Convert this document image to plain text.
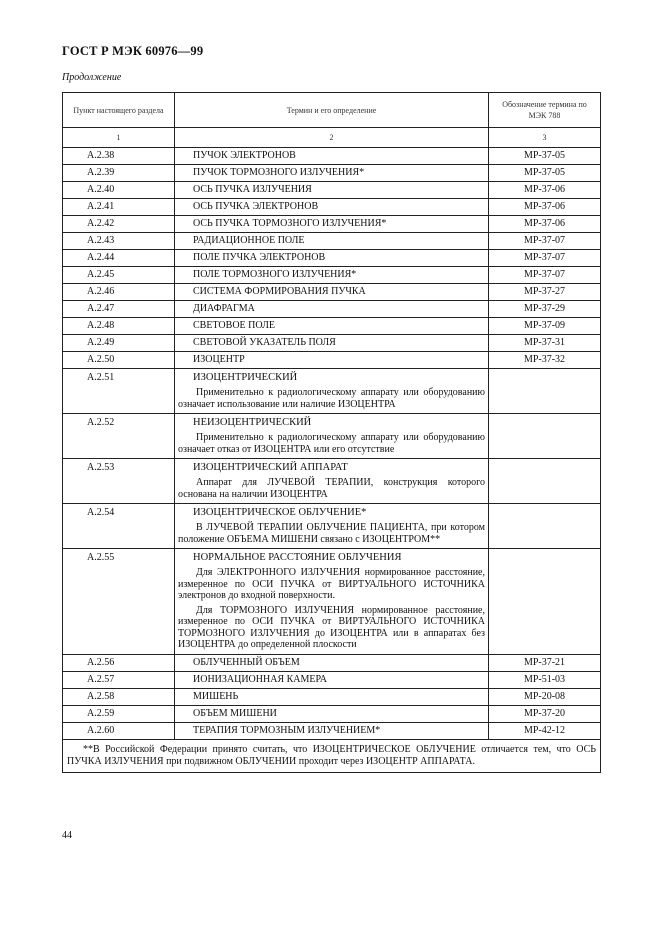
ГОСТ Р МЭК 60976—99
Продолжение
Пункт настоящего раздела	Термин и его определение	Обозначение термина по МЭК 788
1	2	3
A.2.38	ПУЧОК ЭЛЕКТРОНОВ	MP-37-05
A.2.39	ПУЧОК ТОРМОЗНОГО ИЗЛУЧЕНИЯ*	MP-37-05
A.2.40	ОСЬ ПУЧКА ИЗЛУЧЕНИЯ	MP-37-06
A.2.41	ОСЬ ПУЧКА ЭЛЕКТРОНОВ	MP-37-06
A.2.42	ОСЬ ПУЧКА ТОРМОЗНОГО ИЗЛУЧЕНИЯ*	MP-37-06
A.2.43	РАДИАЦИОННОЕ ПОЛЕ	MP-37-07
A.2.44	ПОЛЕ ПУЧКА ЭЛЕКТРОНОВ	MP-37-07
A.2.45	ПОЛЕ ТОРМОЗНОГО ИЗЛУЧЕНИЯ*	MP-37-07
A.2.46	СИСТЕМА ФОРМИРОВАНИЯ ПУЧКА	MP-37-27
A.2.47	ДИАФРАГМА	MP-37-29
A.2.48	СВЕТОВОЕ ПОЛЕ	MP-37-09
A.2.49	СВЕТОВОЙ УКАЗАТЕЛЬ ПОЛЯ	MP-37-31
A.2.50	ИЗОЦЕНТР	MP-37-32
A.2.51	ИЗОЦЕНТРИЧЕСКИЙ
Применительно к радиологическому аппарату или оборудованию означает использование или наличие ИЗОЦЕНТРА	

A.2.52	НЕИЗОЦЕНТРИЧЕСКИЙ
Применительно к радиологическому аппарату или оборудованию означает отказ от ИЗОЦЕНТРА или его отсутствие	

A.2.53	ИЗОЦЕНТРИЧЕСКИЙ АППАРАТ
Аппарат для ЛУЧЕВОЙ ТЕРАПИИ, конструкция которого основана на наличии ИЗОЦЕНТРА	

A.2.54	ИЗОЦЕНТРИЧЕСКОЕ ОБЛУЧЕНИЕ*
В ЛУЧЕВОЙ ТЕРАПИИ ОБЛУЧЕНИЕ ПАЦИЕНТА, при котором положение ОБЪЕМА МИШЕНИ связано с ИЗОЦЕНТРОМ**	

A.2.55	НОРМАЛЬНОЕ РАССТОЯНИЕ ОБЛУЧЕНИЯ
Для ЭЛЕКТРОННОГО ИЗЛУЧЕНИЯ нормированное расстояние, измеренное по ОСИ ПУЧКА от ВИРТУАЛЬНОГО ИСТОЧНИКА электронов до входной поверхности.
Для ТОРМОЗНОГО ИЗЛУЧЕНИЯ нормированное расстояние, измеренное по ОСИ ПУЧКА от ВИРТУАЛЬНОГО ИСТОЧНИКА ТОРМОЗНОГО ИЗЛУЧЕНИЯ до ИЗОЦЕНТРА или в аппаратах без ИЗОЦЕНТРА до определенной плоскости	

A.2.56	ОБЛУЧЕННЫЙ ОБЪЕМ	MP-37-21
A.2.57	ИОНИЗАЦИОННАЯ КАМЕРА	MP-51-03
A.2.58	МИШЕНЬ	MP-20-08
A.2.59	ОБЪЕМ МИШЕНИ	MP-37-20
A.2.60	ТЕРАПИЯ ТОРМОЗНЫМ ИЗЛУЧЕНИЕМ*	MP-42-12
**В Российской Федерации принято считать, что ИЗОЦЕНТРИЧЕСКОЕ ОБЛУЧЕНИЕ отличается тем, что ОСЬ ПУЧКА ИЗЛУЧЕНИЯ при подвижном ОБЛУЧЕНИИ проходит через ИЗОЦЕНТР АППАРАТА.		
44
